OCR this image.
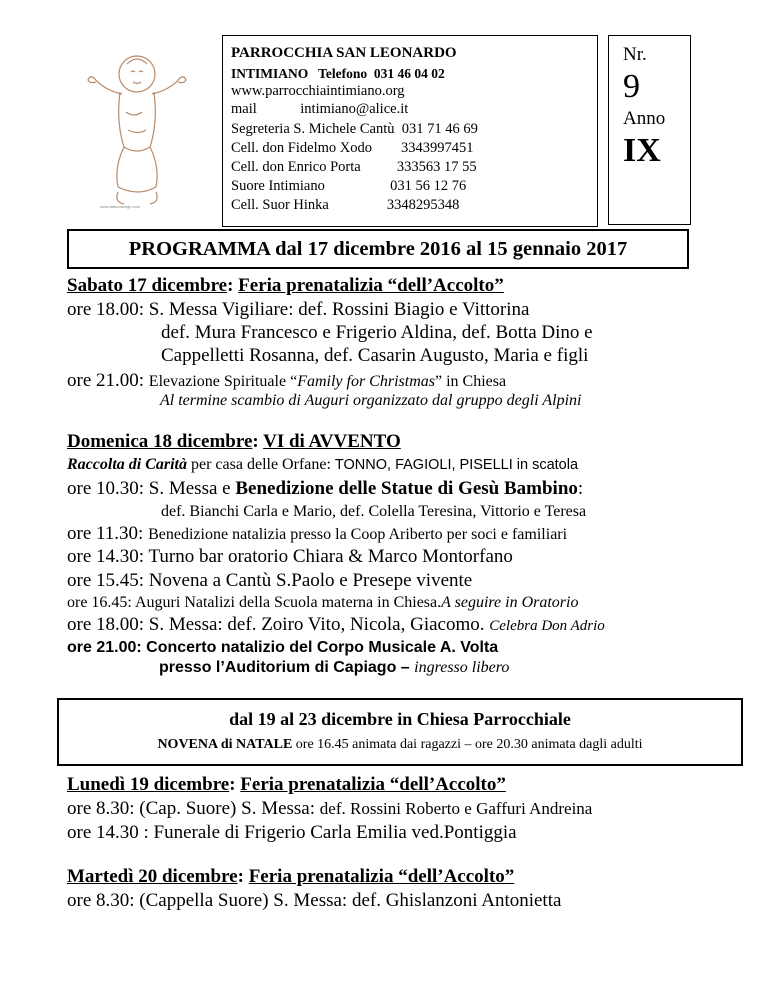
PARROCCHIA SAN LEONARDO
INTIMIANO   Telefono  031 46 04 02
www.parrocchiaintimiano.org
mail            intimiano@alice.it
Segreteria S. Michele Cantù  031 71 46 69
Cell. don Fidelmo Xodo        3343997451
Cell. don Enrico Porta          333563 17 55
Suore Intimiano                  031 56 12 76
Cell. Suor Hinka                3348295348
www.tattoodesign.com
Nr.
9
Anno
IX
PROGRAMMA dal 17 dicembre 2016 al 15 gennaio 2017
Sabato 17 dicembre: Feria prenatalizia “dell’Accolto”
ore 18.00: S. Messa Vigiliare: def. Rossini Biagio e Vittorina
def. Mura Francesco e Frigerio Aldina, def. Botta Dino e
Cappelletti Rosanna, def. Casarin Augusto, Maria e figli
ore 21.00: Elevazione Spirituale “Family for Christmas” in Chiesa
Al termine scambio di Auguri organizzato dal gruppo degli Alpini
Domenica 18 dicembre: VI di AVVENTO
Raccolta di Carità per casa delle Orfane: TONNO, FAGIOLI, PISELLI in scatola
ore 10.30: S. Messa e Benedizione delle Statue di Gesù Bambino:
def. Bianchi Carla e Mario, def. Colella Teresina, Vittorio e Teresa
ore 11.30: Benedizione natalizia presso la Coop Ariberto per soci e familiari
ore 14.30: Turno bar oratorio Chiara & Marco Montorfano
ore 15.45: Novena a Cantù S.Paolo e Presepe vivente
ore 16.45: Auguri Natalizi della Scuola materna in Chiesa.A seguire in Oratorio
ore 18.00: S. Messa: def. Zoiro Vito, Nicola, Giacomo. Celebra Don Adrio
ore 21.00: Concerto natalizio del Corpo Musicale A. Volta
presso l’Auditorium di Capiago – ingresso libero
dal 19 al 23 dicembre in Chiesa Parrocchiale
NOVENA di NATALE ore 16.45 animata dai ragazzi – ore 20.30 animata dagli adulti
Lunedì 19 dicembre: Feria prenatalizia “dell’Accolto”
ore 8.30: (Cap. Suore) S. Messa: def. Rossini Roberto e Gaffuri Andreina
ore 14.30 : Funerale di Frigerio Carla Emilia ved.Pontiggia
Martedì 20 dicembre: Feria prenatalizia “dell’Accolto”
ore 8.30: (Cappella Suore) S. Messa: def. Ghislanzoni Antonietta
